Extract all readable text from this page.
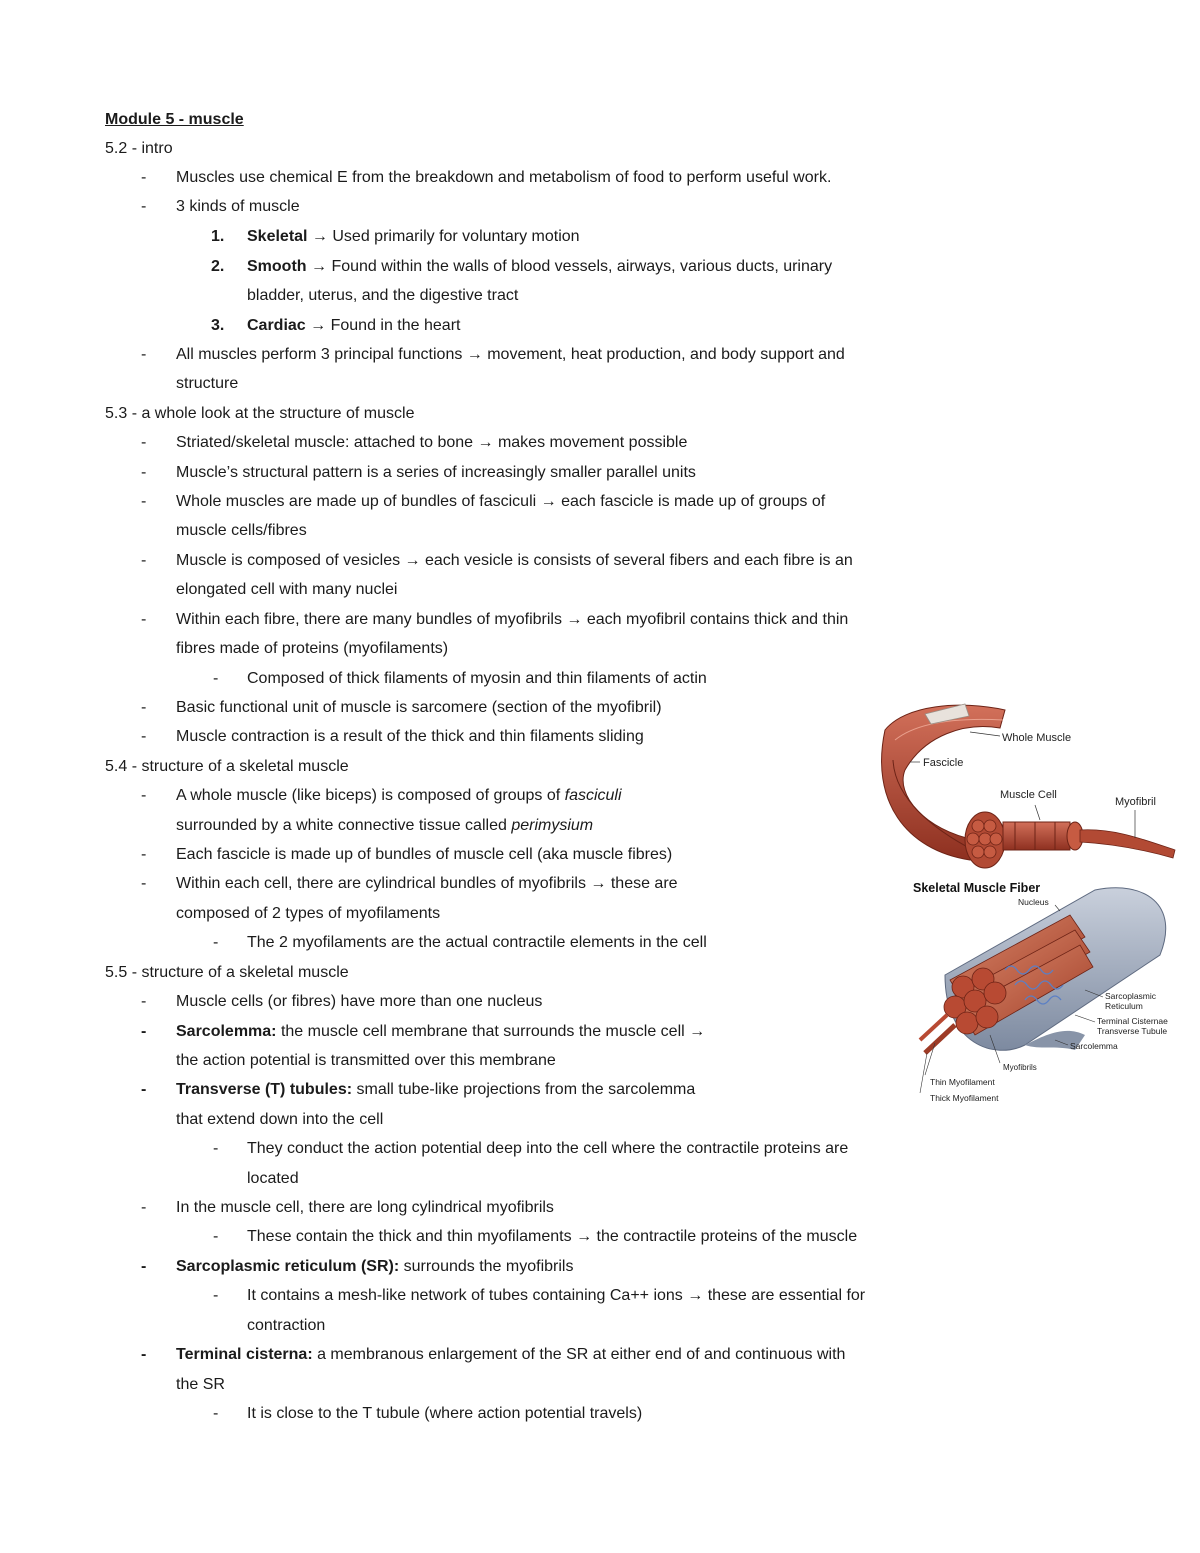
Module 5 - muscle
5.2 - intro
- Muscles use chemical E from the breakdown and metabolism of food to perform useful work.
- 3 kinds of muscle
1. Skeletal → Used primarily for voluntary motion
2. Smooth → Found within the walls of blood vessels, airways, various ducts, urinary
bladder, uterus, and the digestive tract
3. Cardiac → Found in the heart
- All muscles perform 3 principal functions → movement, heat production, and body support and
structure
5.3 - a whole look at the structure of muscle
- Striated/skeletal muscle: attached to bone → makes movement possible
- Muscle’s structural pattern is a series of increasingly smaller parallel units
- Whole muscles are made up of bundles of fasciculi → each fascicle is made up of groups of
muscle cells/fibres
- Muscle is composed of vesicles → each vesicle is consists of several fibers and each fibre is an
elongated cell with many nuclei
- Within each fibre, there are many bundles of myofibrils → each myofibril contains thick and thin
fibres made of proteins (myofilaments)
- Composed of thick filaments of myosin and thin filaments of actin
- Basic functional unit of muscle is sarcomere (section of the myofibril)
- Muscle contraction is a result of the thick and thin filaments sliding
5.4 - structure of a skeletal muscle
- A whole muscle (like biceps) is composed of groups of fasciculi
surrounded by a white connective tissue called perimysium
- Each fascicle is made up of bundles of muscle cell (aka muscle fibres)
- Within each cell, there are cylindrical bundles of myofibrils → these are
composed of 2 types of myofilaments
- The 2 myofilaments are the actual contractile elements in the cell
5.5 - structure of a skeletal muscle
- Muscle cells (or fibres) have more than one nucleus
- Sarcolemma: the muscle cell membrane that surrounds the muscle cell →
the action potential is transmitted over this membrane
- Transverse (T) tubules: small tube-like projections from the sarcolemma
that extend down into the cell
- They conduct the action potential deep into the cell where the contractile proteins are
located
- In the muscle cell, there are long cylindrical myofibrils
- These contain the thick and thin myofilaments → the contractile proteins of the muscle
- Sarcoplasmic reticulum (SR): surrounds the myofibrils
- It contains a mesh-like network of tubes containing Ca++ ions → these are essential for
contraction
- Terminal cisterna: a membranous enlargement of the SR at either end of and continuous with
the SR
- It is close to the T tubule (where action potential travels)
Whole Muscle
Fascicle
Muscle Cell
Myofibril
Skeletal Muscle Fiber
Nucleus
Sarcoplasmic
Reticulum
Terminal Cisternae
Transverse Tubule
Sarcolemma
Myofibrils
Thin Myofilament
Thick Myofilament
